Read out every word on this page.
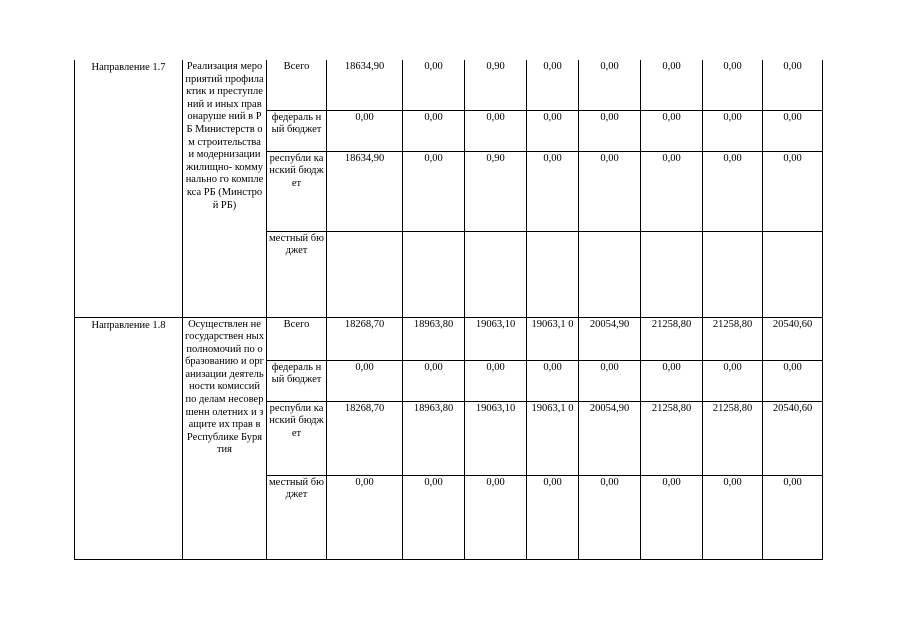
Направление 1.7	Реализация мероприятий профилактик и преступлений и иных правонаруше ний в РБ Министерств ом строительства и модернизации жилищно- коммунально го комплекса РБ (Минстрой РБ)	Всего	18634,90	0,00	0,90	0,00	0,00	0,00	0,00	0,00
		федераль ный бюджет	0,00	0,00	0,00	0,00	0,00	0,00	0,00	0,00
		республи канский бюджет	18634,90	0,00	0,90	0,00	0,00	0,00	0,00	0,00
		местный бюджет								
Направление 1.8	Осуществлен не государствен ных полномочий по образованию и организации деятельности комиссий по делам несовершенн олетних и защите их прав в Республике Бурятия	Всего	18268,70	18963,80	19063,10	19063,1 0	20054,90	21258,80	21258,80	20540,60
		федераль ный бюджет	0,00	0,00	0,00	0,00	0,00	0,00	0,00	0,00
		республи канский бюджет	18268,70	18963,80	19063,10	19063,1 0	20054,90	21258,80	21258,80	20540,60
		местный бюджет	0,00	0,00	0,00	0,00	0,00	0,00	0,00	0,00
